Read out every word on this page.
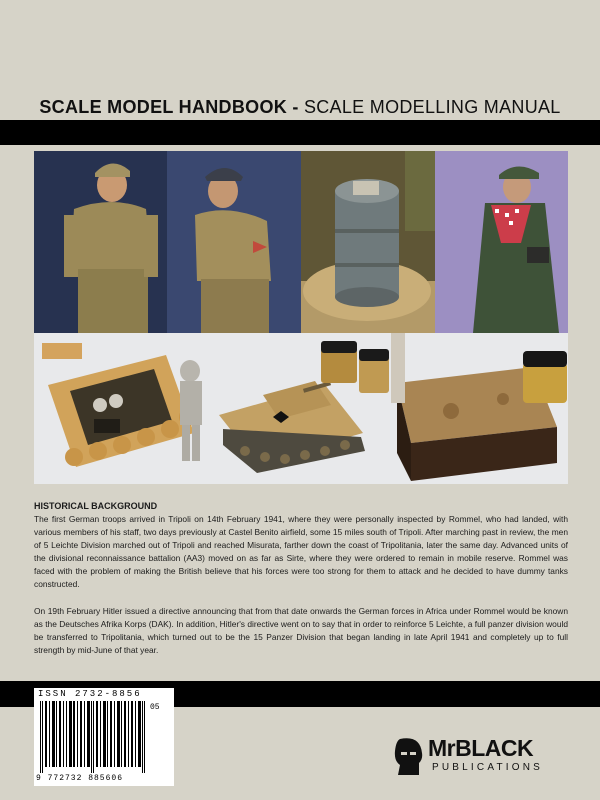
SCALE MODEL HANDBOOK - SCALE MODELLING MANUAL

HISTORICAL BACKGROUND

The first German troops arrived in Tripoli on 14th February 1941, where they were personally inspected by Rommel, who had landed, with various members of his staff, two days previously at Castel Benito airfield, some 15 miles south of Tripoli. After marching past in review, the men of 5 Leichte Division marched out of Tripoli and reached Misurata, farther down the coast of Tripolitania, later the same day. Advanced units of the divisional reconnaissance battalion (AA3) moved on as far as Sirte, where they were ordered to remain in mobile reserve. Rommel was faced with the problem of making the British believe that his forces were too strong for them to attack and he decided to have dummy tanks constructed.

On 19th February Hitler issued a directive announcing that from that date onwards the German forces in Africa under Rommel would be known as the Deutsches Afrika Korps (DAK). In addition, Hitler's directive went on to say that in order to reinforce 5 Leichte, a full panzer division would be transferred to Tripolitania, which turned out to be the 15 Panzer Division that began landing in late April 1941 and completely up to full strength by mid-June of that year.

ISSN 2732-8856
05
9 772732 885606
MrBLACK
PUBLICATIONS
